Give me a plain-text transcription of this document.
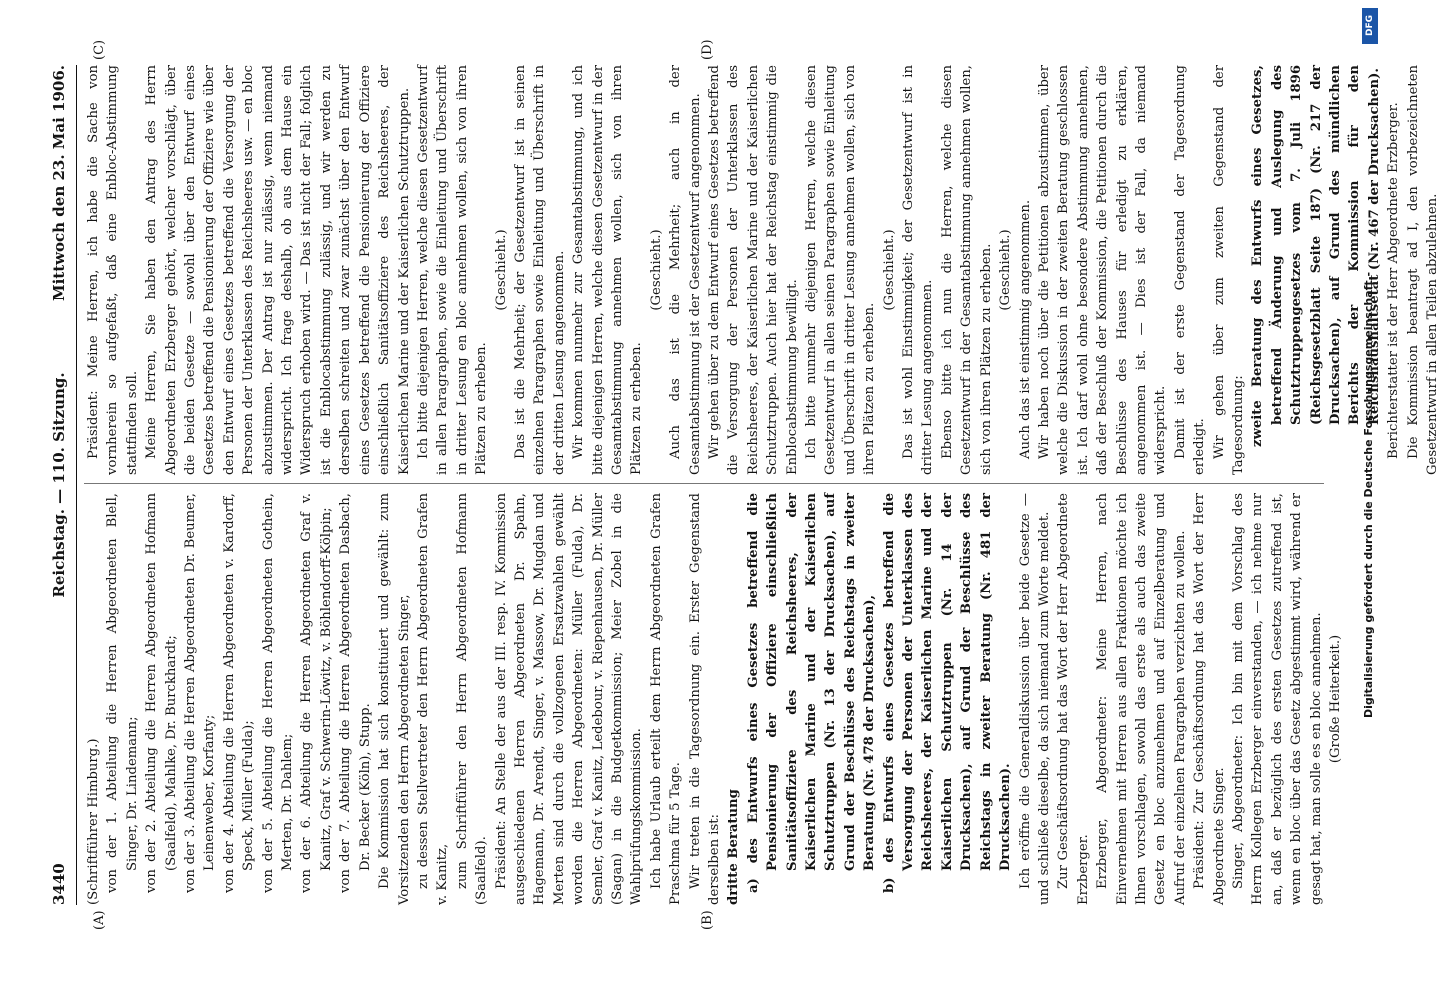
3440
Reichstag. — 110. Sitzung.
Mittwoch den 23. Mai 1906.
(A)	(B)
(C)	(D)

(Schriftführer Himburg.) von der 1. Abteilung die Herren Abgeordneten Blell, Singer, Dr. Lindemann; von der 2. Abteilung die Herren Abgeordneten Hofmann (Saalfeld), Mahlke, Dr. Burckhardt; von der 3. Abteilung die Herren Abgeordneten Dr. Beumer, Leinenweber, Korfanty; von der 4. Abteilung die Herren Abgeordneten v. Kardorff, Speck, Müller (Fulda); von der 5. Abteilung die Herren Abgeordneten Gothein, Merten, Dr. Dahlem; von der 6. Abteilung die Herren Abgeordneten Graf v. Kanitz, Graf v. Schwerin-Löwitz, v. Böhlendorff-Kölpin; von der 7. Abteilung die Herren Abgeordneten Dasbach, Dr. Becker (Köln), Stupp. Die Kommission hat sich konstituiert und gewählt: zum Vorsitzenden den Herrn Abgeordneten Singer, zu dessen Stellvertreter den Herrn Abgeordneten Grafen v. Kanitz, zum Schriftführer den Herrn Abgeordneten Hofmann (Saalfeld). Präsident: An Stelle der aus der III. resp. IV. Kommission ausgeschiedenen Herren Abgeordneten Dr. Spahn, Hagemann, Dr. Arendt, Singer, v. Massow, Dr. Mugdan und Merten sind durch die vollzogenen Ersatzwahlen gewählt worden die Herren Abgeordneten: Müller (Fulda), Dr. Semler, Graf v. Kanitz, Ledebour, v. Riepenhausen, Dr. Müller (Sagan) in die Budgetkommission; Meier Zobel in die Wahlprüfungskommission. Ich habe Urlaub erteilt dem Herrn Abgeordneten Grafen Praschma für 5 Tage. Wir treten in die Tagesordnung ein. Erster Gegenstand derselben ist: dritte Beratung a) des Entwurfs eines Gesetzes betreffend die Pensionierung der Offiziere einschließlich Sanitätsoffiziere des Reichsheeres, der Kaiserlichen Marine und der Kaiserlichen Schutztruppen (Nr. 13 der Drucksachen), auf Grund der Beschlüsse des Reichstags in zweiter Beratung (Nr. 478 der Drucksachen), b) des Entwurfs eines Gesetzes betreffend die Versorgung der Personen der Unterklassen des Reichsheeres, der Kaiserlichen Marine und der Kaiserlichen Schutztruppen (Nr. 14 der Drucksachen), auf Grund der Beschlüsse des Reichstags in zweiter Beratung (Nr. 481 der Drucksachen). Ich eröffne die Generaldiskussion über beide Gesetze — und schließe dieselbe, da sich niemand zum Worte meldet. Zur Geschäftsordnung hat das Wort der Herr Abgeordnete Erzberger. Erzberger, Abgeordneter: Meine Herren, nach Einvernehmen mit Herren aus allen Fraktionen möchte ich Ihnen vorschlagen, sowohl das erste als auch das zweite Gesetz en bloc anzunehmen und auf Einzelberatung und Aufruf der einzelnen Paragraphen verzichten zu wollen. Präsident: Zur Geschäftsordnung hat das Wort der Herr Abgeordnete Singer. Singer, Abgeordneter: Ich bin mit dem Vorschlag des Herrn Kollegen Erzberger einverstanden, — ich nehme nur an, daß er bezüglich des ersten Gesetzes zutreffend ist, wenn en bloc über das Gesetz abgestimmt wird, während er gesagt hat, man solle es en bloc annehmen. (Große Heiterkeit.)

Präsident: Meine Herren, ich habe die Sache von vornherein so aufgefaßt, daß eine Enbloc-Abstimmung stattfinden soll. Meine Herren, Sie haben den Antrag des Herrn Abgeordneten Erzberger gehört, welcher vorschlägt, über die beiden Gesetze — sowohl über den Entwurf eines Gesetzes betreffend die Pensionierung der Offiziere wie über den Entwurf eines Gesetzes betreffend die Versorgung der Personen der Unterklassen des Reichsheeres usw. — en bloc abzustimmen. Der Antrag ist nur zulässig, wenn niemand widerspricht. Ich frage deshalb, ob aus dem Hause ein Widerspruch erhoben wird. — Das ist nicht der Fall; folglich ist die Enblocabstimmung zulässig, und wir werden zu derselben schreiten und zwar zunächst über den Entwurf eines Gesetzes betreffend die Pensionierung der Offiziere einschließlich Sanitätsoffiziere des Reichsheeres, der Kaiserlichen Marine und der Kaiserlichen Schutztruppen. Ich bitte diejenigen Herren, welche diesen Gesetzentwurf in allen Paragraphen, sowie die Einleitung und Überschrift in dritter Lesung en bloc annehmen wollen, sich von ihren Plätzen zu erheben.

(Geschieht.) Das ist die Mehrheit; der Gesetzentwurf ist in seinen einzelnen Paragraphen sowie Einleitung und Überschrift in der dritten Lesung angenommen. Wir kommen nunmehr zur Gesamtabstimmung, und ich bitte diejenigen Herren, welche diesen Gesetzentwurf in der Gesamtabstimmung annehmen wollen, sich von ihren Plätzen zu erheben.

(Geschieht.) Auch das ist die Mehrheit; auch in der Gesamtabstimmung ist der Gesetzentwurf angenommen. Wir gehen über zu dem Entwurf eines Gesetzes betreffend die Versorgung der Personen der Unterklassen des Reichsheeres, der Kaiserlichen Marine und der Kaiserlichen Schutztruppen. Auch hier hat der Reichstag einstimmig die Enblocabstimmung bewilligt. Ich bitte nunmehr diejenigen Herren, welche diesen Gesetzentwurf in allen seinen Paragraphen sowie Einleitung und Überschrift in dritter Lesung annehmen wollen, sich von ihren Plätzen zu erheben.

(Geschieht.) Das ist wohl Einstimmigkeit; der Gesetzentwurf ist in dritter Lesung angenommen. Ebenso bitte ich nun die Herren, welche diesen Gesetzentwurf in der Gesamtabstimmung annehmen wollen, sich von ihren Plätzen zu erheben. (Geschieht.) Auch das ist einstimmig angenommen. Wir haben noch über die Petitionen abzustimmen, über welche die Diskussion in der zweiten Beratung geschlossen ist. Ich darf wohl ohne besondere Abstimmung annehmen, daß der Beschluß der Kommission, die Petitionen durch die Beschlüsse des Hauses für erledigt zu erklären, angenommen ist. — Dies ist der Fall, da niemand widerspricht. Damit ist der erste Gegenstand der Tagesordnung erledigt. Wir gehen über zum zweiten Gegenstand der Tagesordnung: zweite Beratung des Entwurfs eines Gesetzes, betreffend Änderung und Auslegung des Schutztruppengesetzes vom 7. Juli 1896 (Reichsgesetzblatt Seite 187) (Nr. 217 der Drucksachen), auf Grund des mündlichen Berichts der Kommission für den Reichshaushaltsetat (Nr. 467 der Drucksachen). Berichterstatter ist der Herr Abgeordnete Erzberger. Die Kommission beantragt ad I, den vorbezeichneten Gesetzentwurf in allen Teilen abzulehnen.

Digitalisierung gefördert durch die Deutsche Forschungsgemeinschaft -
DFG
